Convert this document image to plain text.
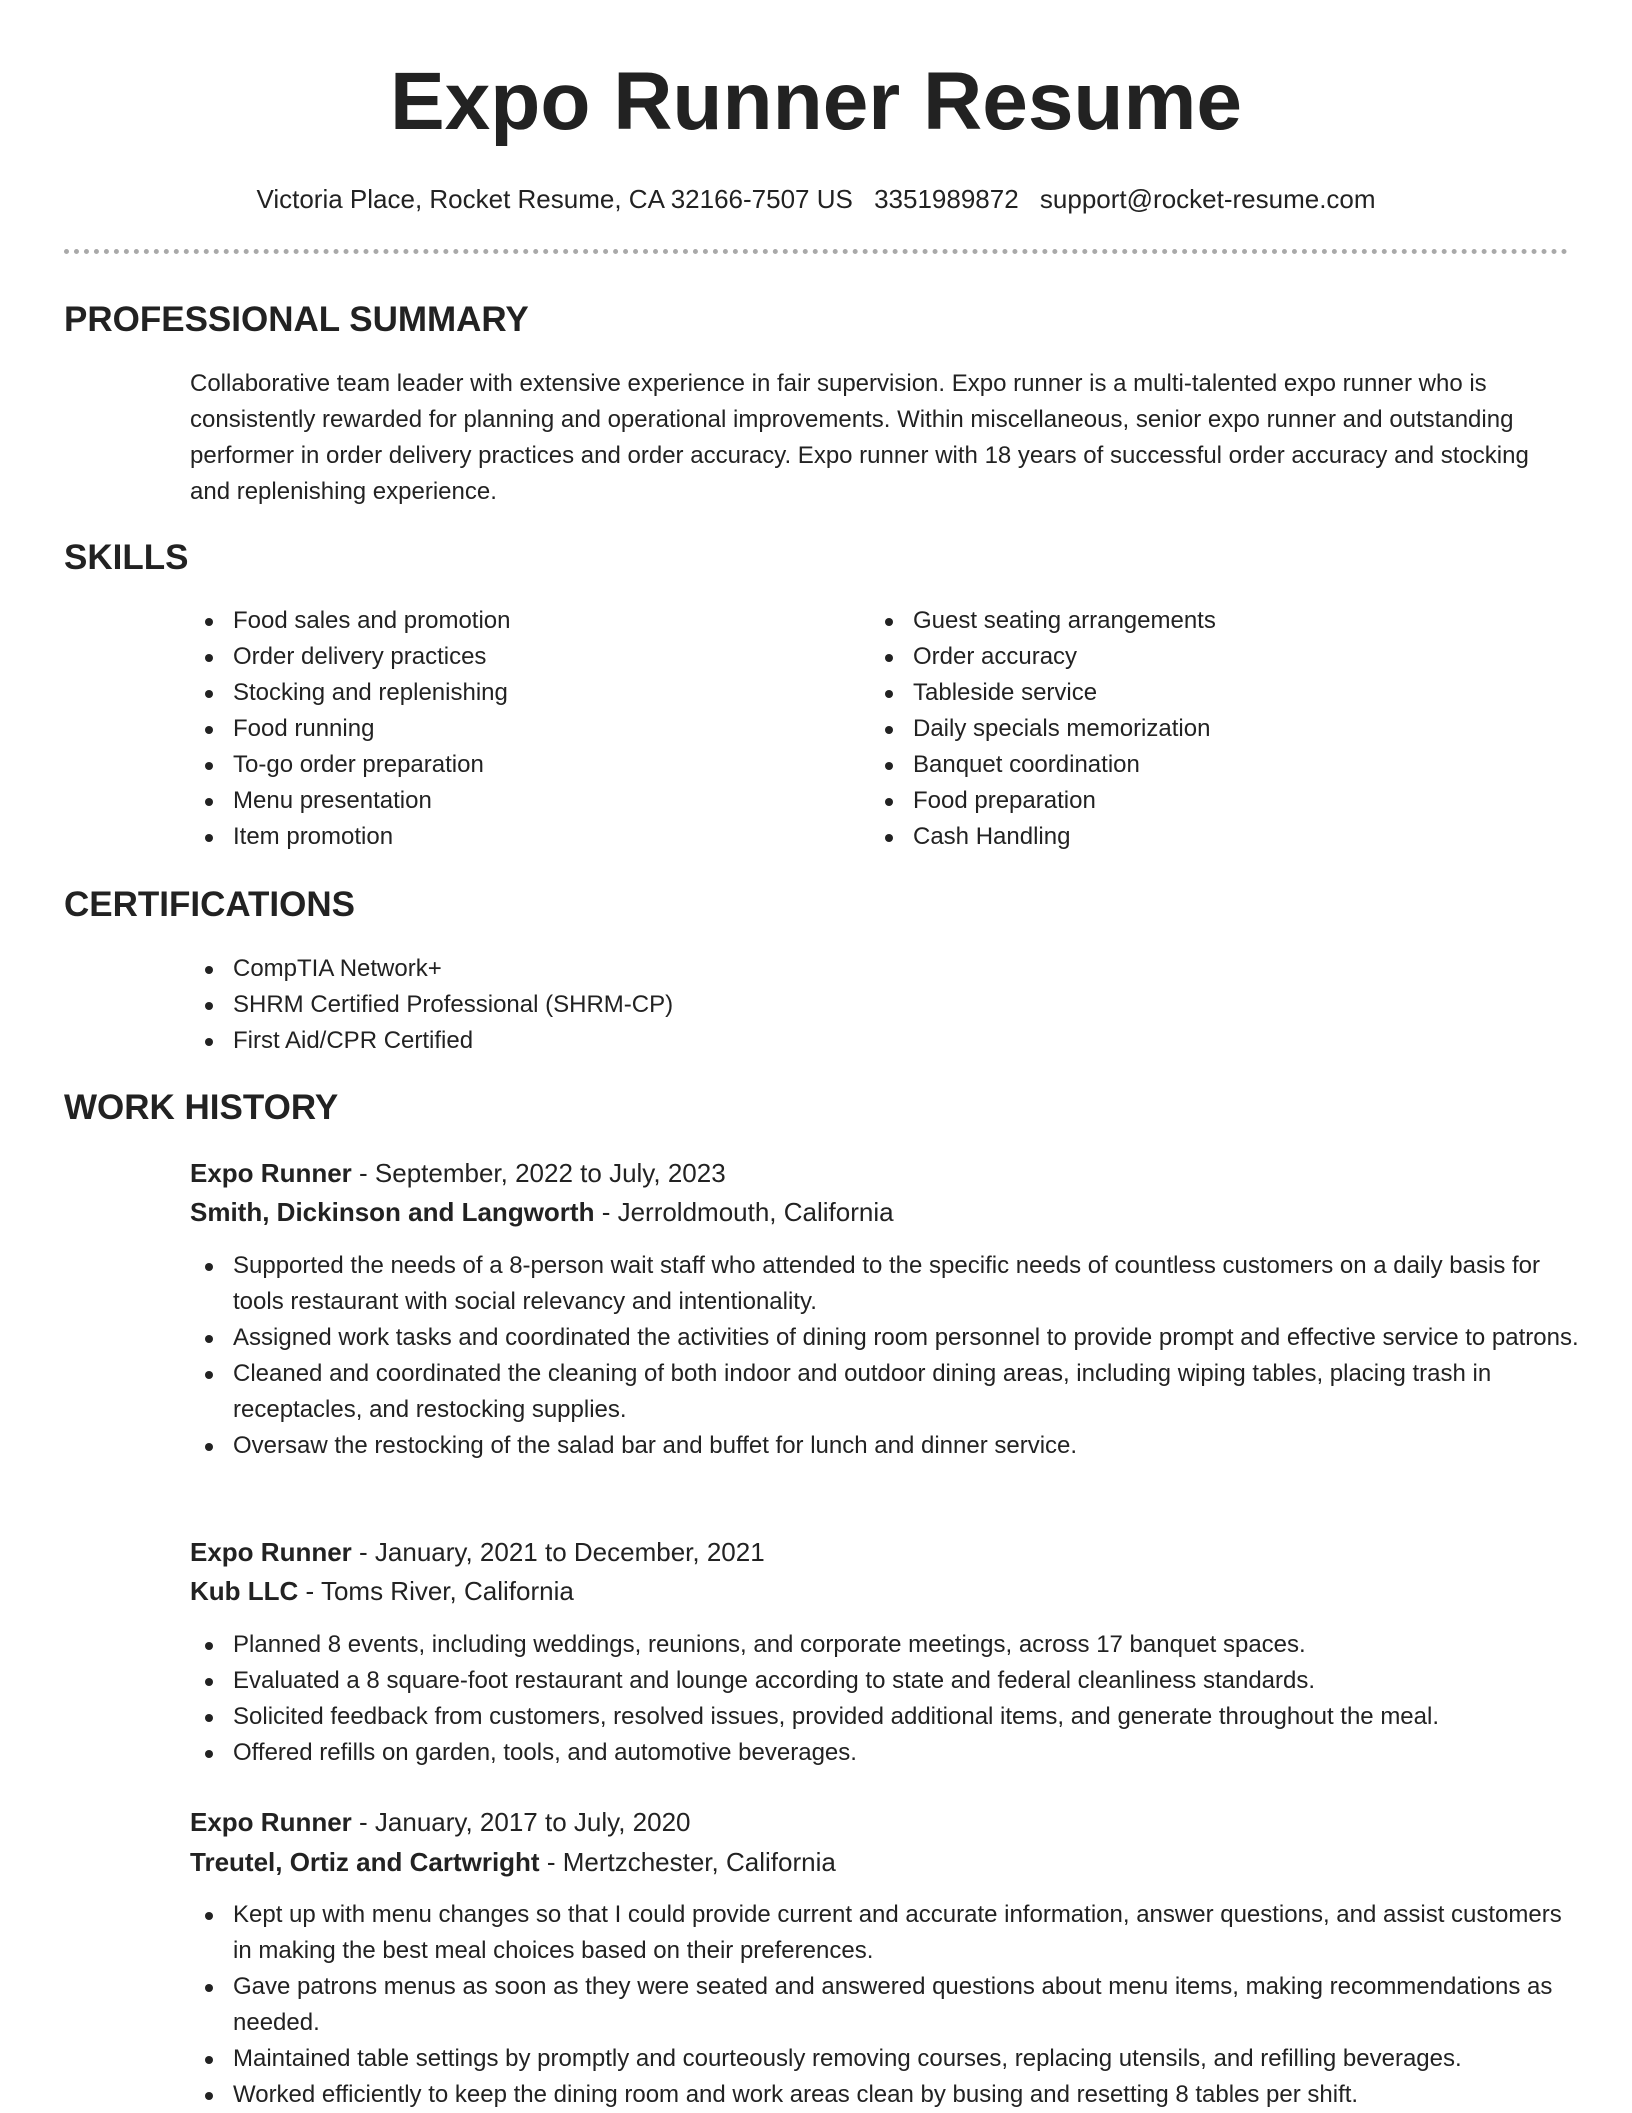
Expo Runner Resume
Victoria Place, Rocket Resume, CA 32166-7507 US 3351989872 support@rocket-resume.com
PROFESSIONAL SUMMARY

Collaborative team leader with extensive experience in fair supervision. Expo runner is a multi-talented expo runner who is consistently rewarded for planning and operational improvements. Within miscellaneous, senior expo runner and outstanding performer in order delivery practices and order accuracy. Expo runner with 18 years of successful order accuracy and stocking and replenishing experience.

SKILLS
Food sales and promotion
Order delivery practices
Stocking and replenishing
Food running
To-go order preparation
Menu presentation
Item promotion
Guest seating arrangements
Order accuracy
Tableside service
Daily specials memorization
Banquet coordination
Food preparation
Cash Handling
CERTIFICATIONS
CompTIA Network+
SHRM Certified Professional (SHRM-CP)
First Aid/CPR Certified
WORK HISTORY
Expo Runner - September, 2022 to July, 2023
Smith, Dickinson and Langworth - Jerroldmouth, California
Supported the needs of a 8-person wait staff who attended to the specific needs of countless customers on a daily basis for tools restaurant with social relevancy and intentionality.
Assigned work tasks and coordinated the activities of dining room personnel to provide prompt and effective service to patrons.
Cleaned and coordinated the cleaning of both indoor and outdoor dining areas, including wiping tables, placing trash in receptacles, and restocking supplies.
Oversaw the restocking of the salad bar and buffet for lunch and dinner service.
Expo Runner - January, 2021 to December, 2021
Kub LLC - Toms River, California
Planned 8 events, including weddings, reunions, and corporate meetings, across 17 banquet spaces.
Evaluated a 8 square-foot restaurant and lounge according to state and federal cleanliness standards.
Solicited feedback from customers, resolved issues, provided additional items, and generate throughout the meal.
Offered refills on garden, tools, and automotive beverages.
Expo Runner - January, 2017 to July, 2020
Treutel, Ortiz and Cartwright - Mertzchester, California
Kept up with menu changes so that I could provide current and accurate information, answer questions, and assist customers in making the best meal choices based on their preferences.
Gave patrons menus as soon as they were seated and answered questions about menu items, making recommendations as needed.
Maintained table settings by promptly and courteously removing courses, replacing utensils, and refilling beverages.
Worked efficiently to keep the dining room and work areas clean by busing and resetting 8 tables per shift.
